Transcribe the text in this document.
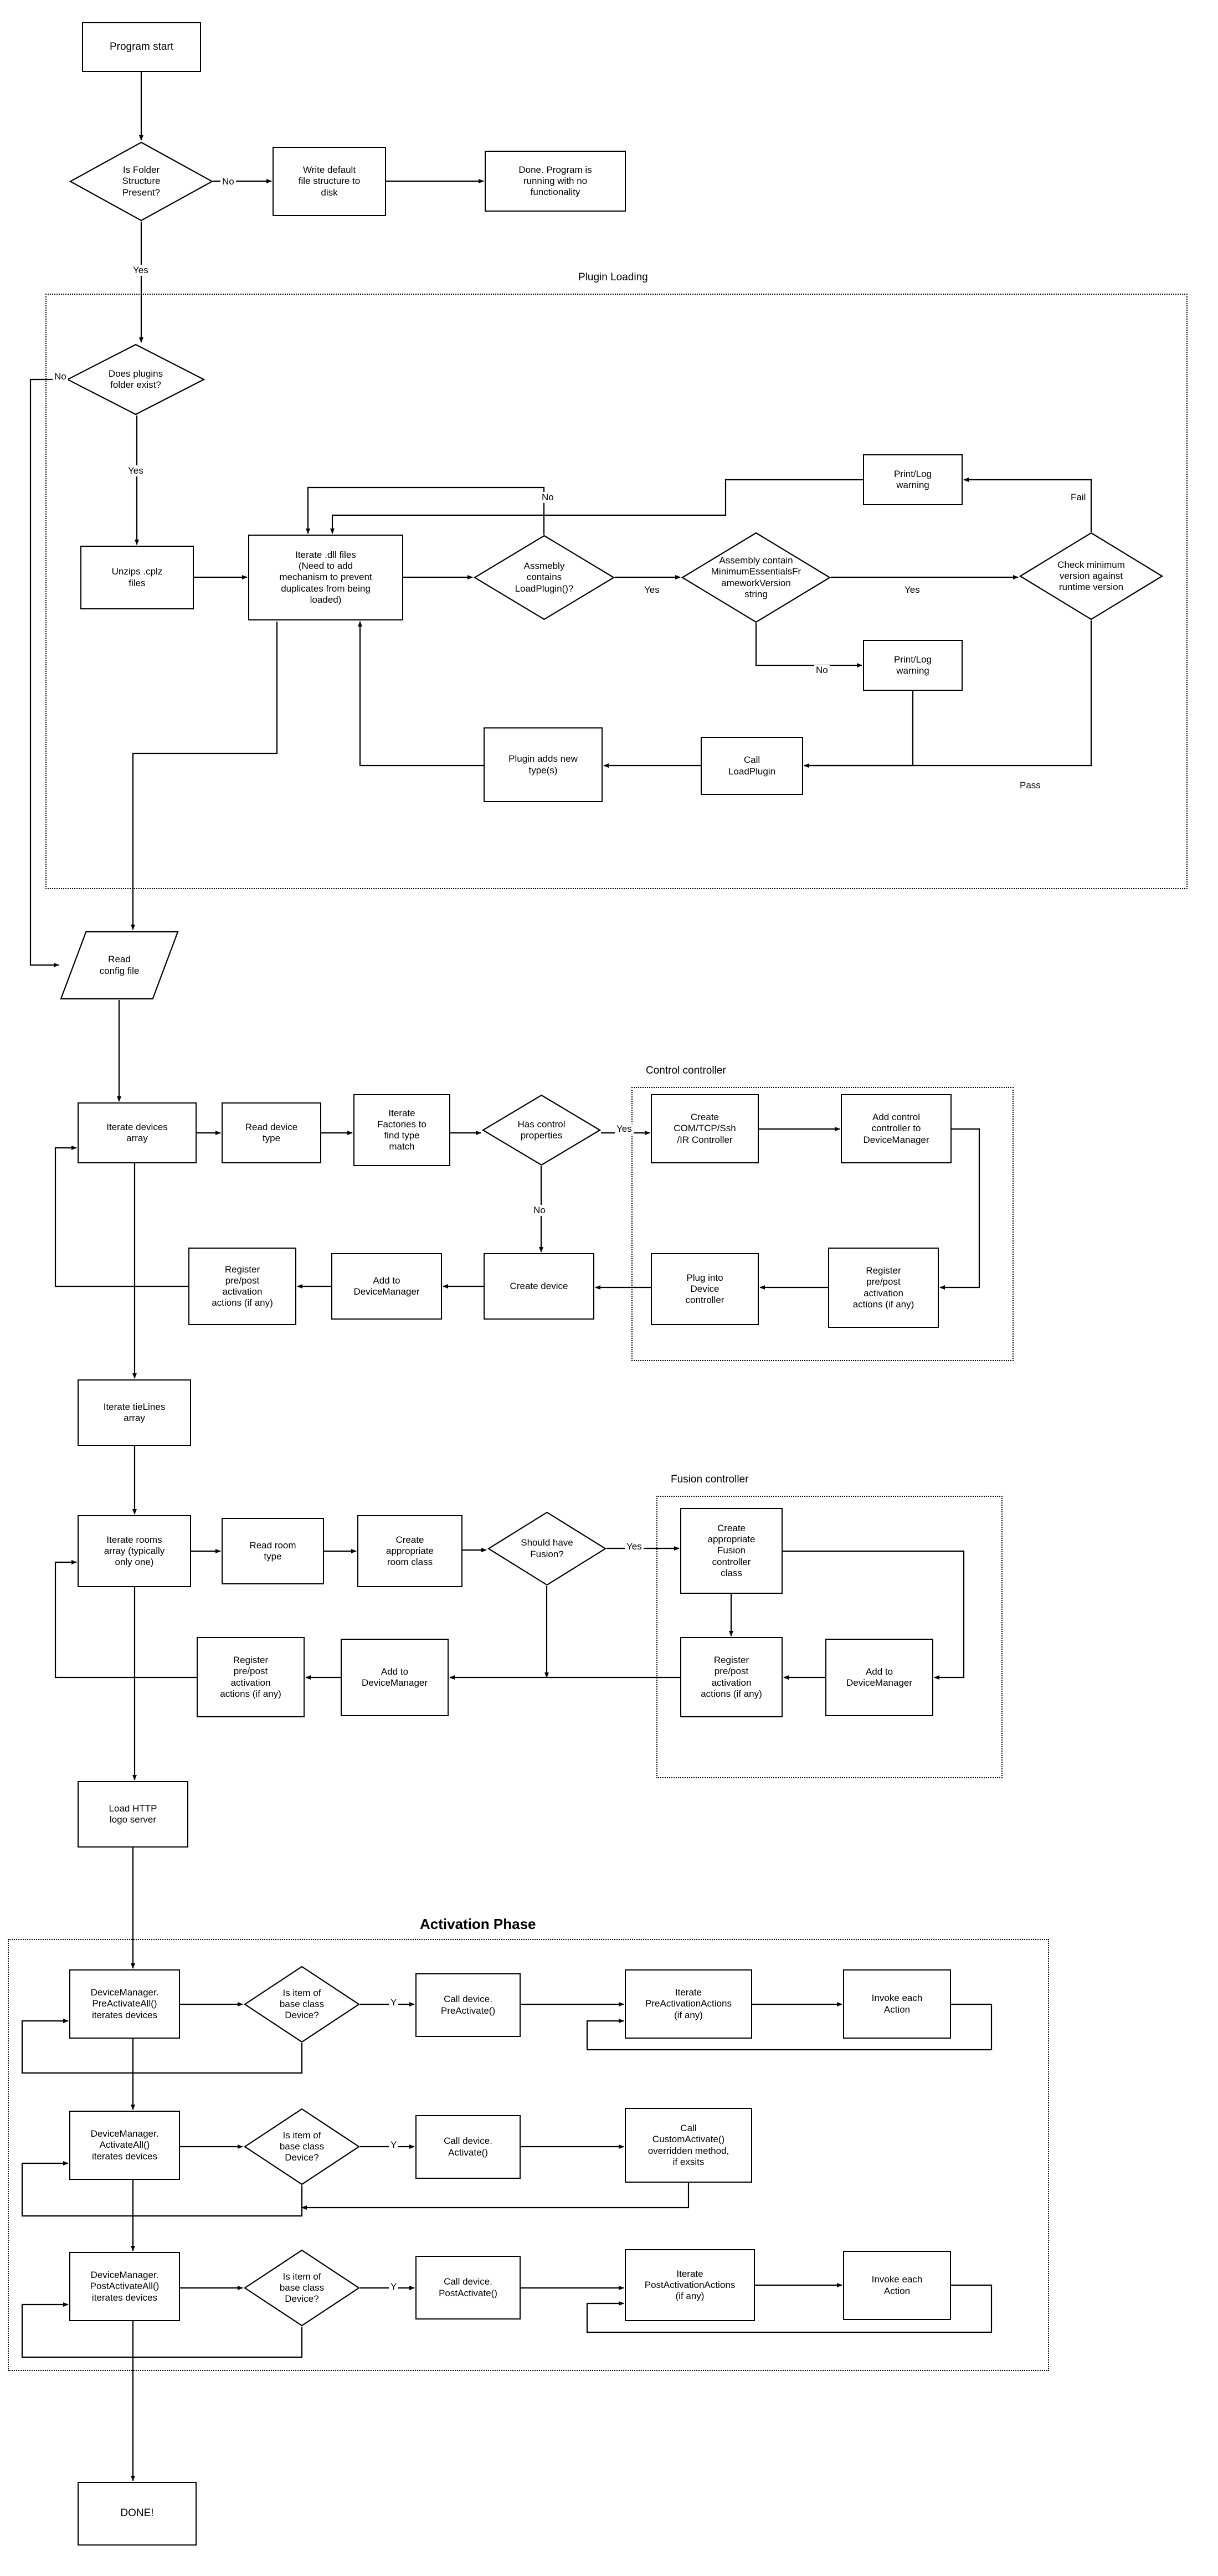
Plugin Loading
Control controller
Fusion controller
Activation Phase
Program start
Is Folder
Structure
Present?
Write default
file structure to
disk
Done. Program is
running with no
functionality
Does plugins
folder exist?
Unzips .cplz
files
Iterate .dll files
(Need to add
mechanism to prevent
duplicates from being
loaded)
Assmebly
contains
LoadPlugin()?
Assembly contain
MinimumEssentialsFr
ameworkVersion
string
Check minimum
version against
runtime version
Print/Log
warning
Print/Log
warning
Call
LoadPlugin
Plugin adds new
type(s)
Read
config file
Iterate devices
array
Read device
type
Iterate
Factories to
find type
match
Has control
properties
Create
COM/TCP/Ssh
/IR Controller
Add control
controller to
DeviceManager
Plug into
Device
controller
Register
pre/post
activation
actions (if any)
Create device
Add to
DeviceManager
Register
pre/post
activation
actions (if any)
Iterate tieLines
array
Iterate rooms
array (typically
only one)
Read room
type
Create
appropriate
room class
Should have
Fusion?
Create
appropriate
Fusion
controller
class
Register
pre/post
activation
actions (if any)
Add to
DeviceManager
Add to
DeviceManager
Register
pre/post
activation
actions (if any)
Load HTTP
logo server
DeviceManager.
PreActivateAll()
iterates devices
Is item of
base class
Device?
Call device.
PreActivate()
Iterate
PreActivationActions
(if any)
Invoke each
Action
DeviceManager.
ActivateAll()
iterates devices
Is item of
base class
Device?
Call device.
Activate()
Call
CustomActivate()
overridden method,
if exsits
DeviceManager.
PostActivateAll()
iterates devices
Is item of
base class
Device?
Call device.
PostActivate()
Iterate
PostActivationActions
(if any)
Invoke each
Action
DONE!
No
Yes
No
Yes
No
Yes	Yes
No
Fail
Pass
Yes
No
Yes
Y
Y
Y
